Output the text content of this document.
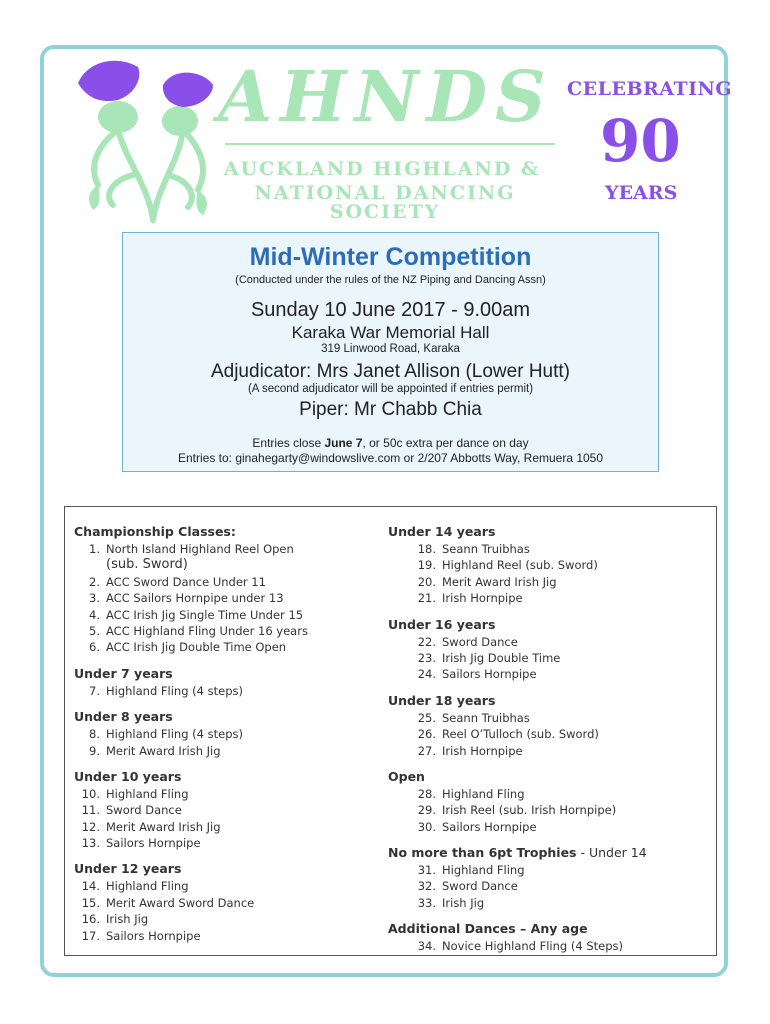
AHNDS
AUCKLAND HIGHLAND &
NATIONAL DANCING SOCIETY
CELEBRATING
90
YEARS
Mid-Winter Competition
(Conducted under the rules of the NZ Piping and Dancing Assn)
Sunday 10 June 2017 - 9.00am
Karaka War Memorial Hall
319 Linwood Road, Karaka
Adjudicator: Mrs Janet Allison (Lower Hutt)
(A second adjudicator will be appointed if entries permit)
Piper: Mr Chabb Chia
Entries close June 7, or 50c extra per dance on day
Entries to: ginahegarty@windowslive.com or 2/207 Abbotts Way, Remuera 1050
Championship Classes:
1. North Island Highland Reel Open
(sub. Sword)
2. ACC Sword Dance Under 11
3. ACC Sailors Hornpipe under 13
4. ACC Irish Jig Single Time Under 15
5. ACC Highland Fling Under 16 years
6. ACC Irish Jig Double Time Open
Under 7 years
7. Highland Fling (4 steps)
Under 8 years
8. Highland Fling (4 steps)
9. Merit Award Irish Jig
Under 10 years
10. Highland Fling
11. Sword Dance
12. Merit Award Irish Jig
13. Sailors Hornpipe
Under 12 years
14. Highland Fling
15. Merit Award Sword Dance
16. Irish Jig
17. Sailors Hornpipe
Under 14 years
18. Seann Truibhas
19. Highland Reel (sub. Sword)
20. Merit Award Irish Jig
21. Irish Hornpipe
Under 16 years
22. Sword Dance
23. Irish Jig Double Time
24. Sailors Hornpipe
Under 18 years
25. Seann Truibhas
26. Reel O’Tulloch (sub. Sword)
27. Irish Hornpipe
Open
28. Highland Fling
29. Irish Reel (sub. Irish Hornpipe)
30. Sailors Hornpipe
No more than 6pt Trophies - Under 14
31. Highland Fling
32. Sword Dance
33. Irish Jig
Additional Dances – Any age
34. Novice Highland Fling (4 Steps)
